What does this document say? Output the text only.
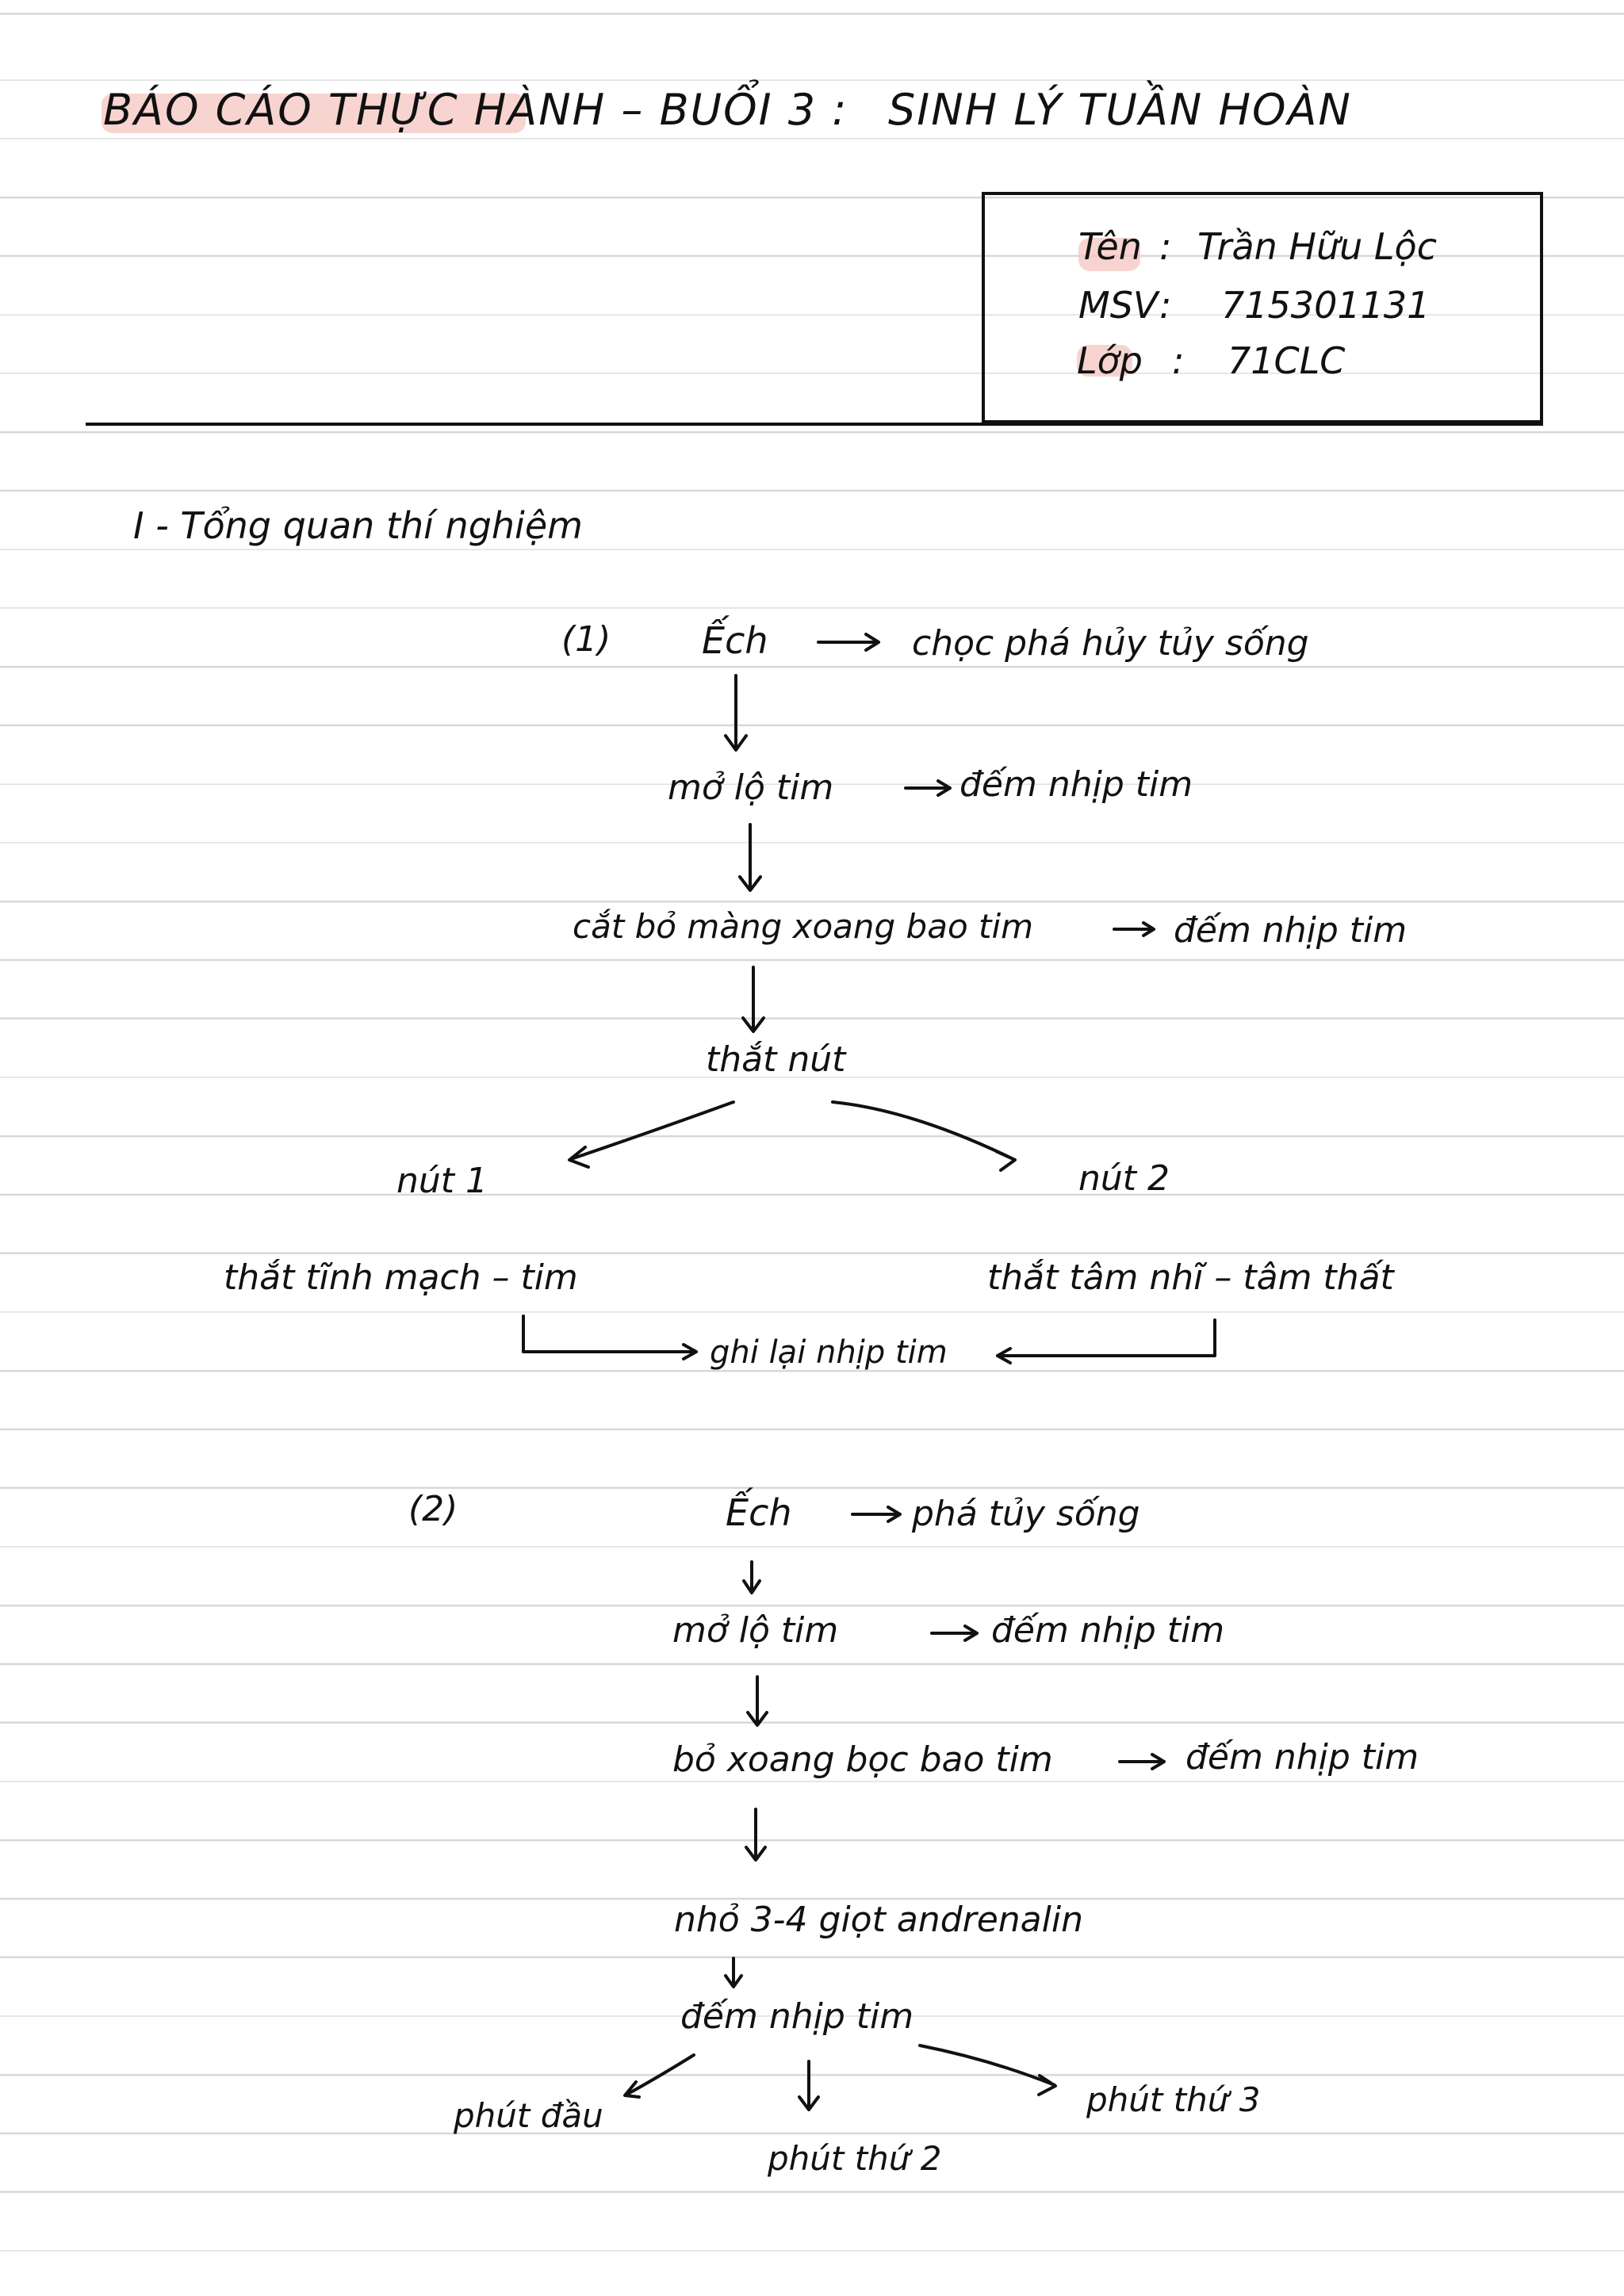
BÁO CÁO THỰC HÀNH – BUỔI 3 : SINH LÝ TUẦN HOÀN
Tên : Trần Hữu Lộc
MSV : 715301131
Lớp : 71CLC
I - Tổng quan thí nghiệm
(1) Ếch	chọc phá hủy tủy sống
mở lộ tim	đếm nhịp tim
cắt bỏ màng xoang bao tim	đếm nhịp tim
thắt nút
nút 1	nút 2
thắt tĩnh mạch – tim	thắt tâm nhĩ – tâm thất
ghi lại nhịp tim
(2)	Ếch	phá tủy sống
mở lộ tim	đếm nhịp tim
bỏ xoang bọc bao tim	đếm nhịp tim
nhỏ 3-4 giọt andrenalin
đếm nhịp tim
phút đầu
phút thứ 2
phút thứ 3
